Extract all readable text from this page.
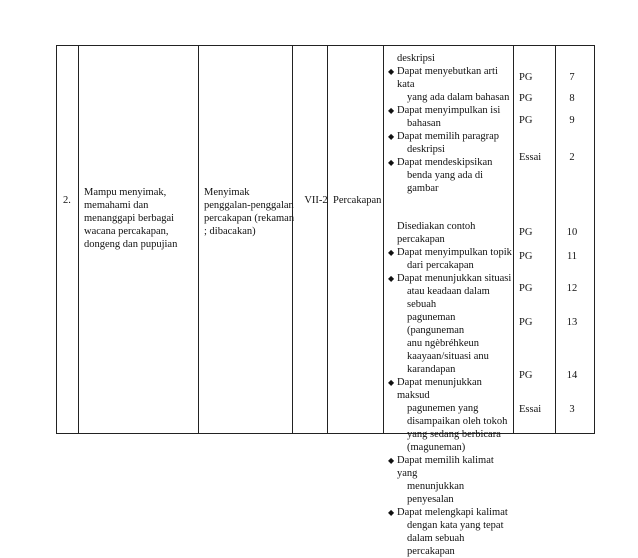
2.
Mampu menyimak,
memahami dan
menanggapi berbagai
wacana percakapan,
dongeng dan pupujian
Menyimak
penggalan-penggalan
percakapan (rekaman
; dibacakan)
VII-2 Percakapan
deskripsi
◆ Dapat menyebutkan arti kata
yang ada dalam bahasan
◆ Dapat menyimpulkan isi
bahasan
◆ Dapat memilih paragrap
deskripsi
◆ Dapat mendeskipsikan
benda yang ada di gambar
Disediakan contoh
percakapan
◆ Dapat menyimpulkan topik
dari percakapan
◆ Dapat menunjukkan situasi
atau keadaan dalam sebuah
paguneman (panguneman
anu ngèbréhkeun
kaayaan/situasi anu
karandapan
◆ Dapat menunjukkan maksud
pagunemen yang
disampaikan oleh tokoh
yang sedang berbicara
(maguneman)
◆ Dapat memilih kalimat yang
menunjukkan penyesalan
◆ Dapat melengkapi kalimat
dengan kata yang tepat
dalam sebuah percakapan
PG
PG
PG
Essai
PG
PG
PG
PG
PG
Essai
7
8
9
2
10
11
12
13
14
3
